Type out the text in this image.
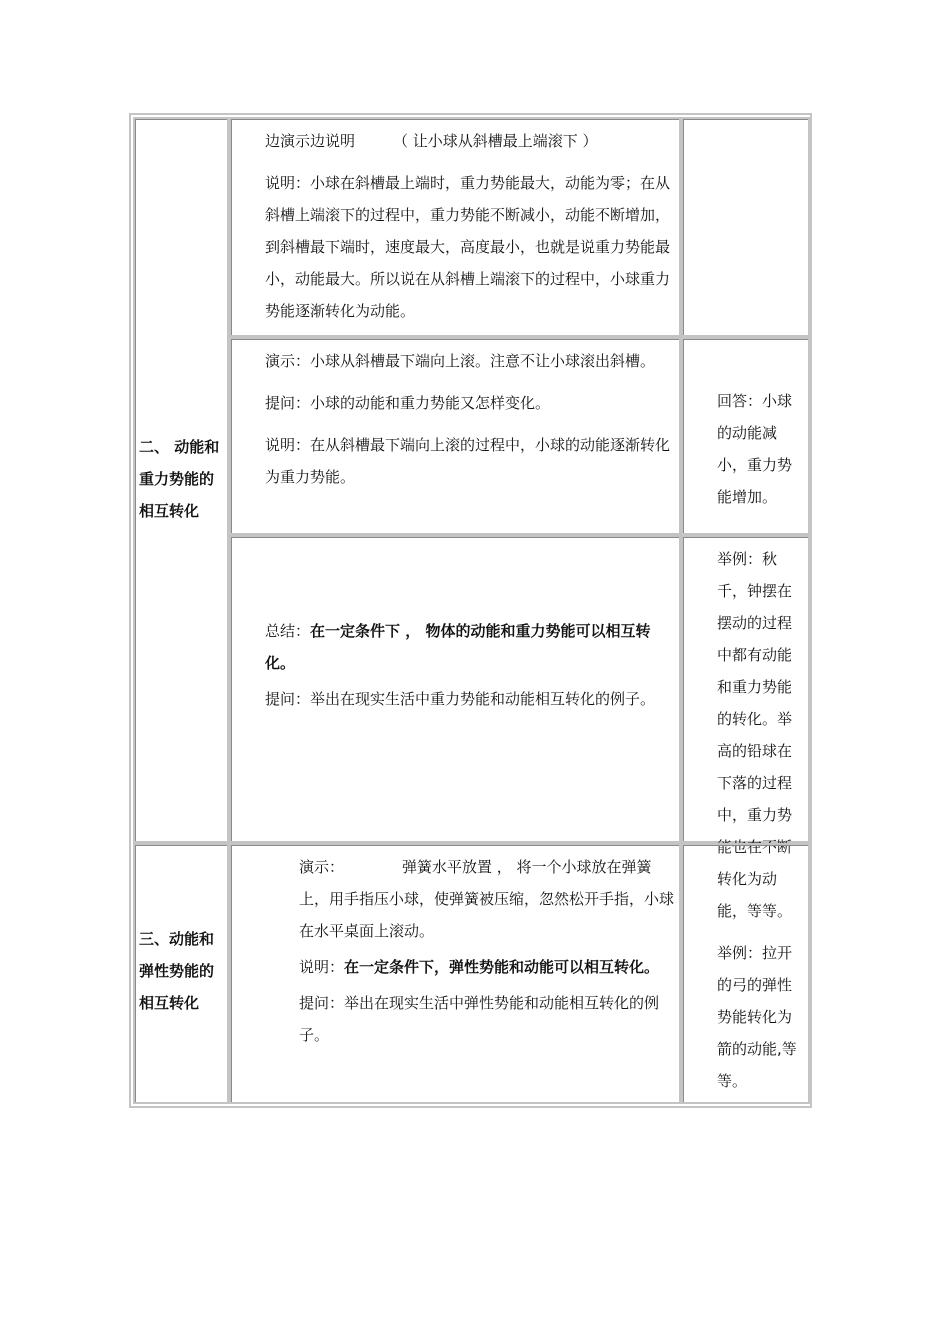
二、 动能和重力势能的相互转化

边演示边说明	（ 让小球从斜槽最上端滚下 ）

说明：小球在斜槽最上端时，重力势能最大，动能为零；在从斜槽上端滚下的过程中，重力势能不断减小，动能不断增加，到斜槽最下端时，速度最大，高度最小，也就是说重力势能最小，动能最大。所以说在从斜槽上端滚下的过程中，小球重力势能逐渐转化为动能。

演示：小球从斜槽最下端向上滚。注意不让小球滚出斜槽。

提问：小球的动能和重力势能又怎样变化。

说明：在从斜槽最下端向上滚的过程中，小球的动能逐渐转化为重力势能。

回答：小球的动能减小，重力势能增加。

总结：在一定条件下 ， 物体的动能和重力势能可以相互转化。

提问：举出在现实生活中重力势能和动能相互转化的例子。

举例：秋千，钟摆在摆动的过程中都有动能和重力势能的转化。举高的铅球在下落的过程中，重力势能也在不断转化为动能，等等。
三、动能和弹性势能的相互转化

演示：	弹簧水平放置 ， 将一个小球放在弹簧上，用手指压小球，使弹簧被压缩，忽然松开手指，小球在水平桌面上滚动。

说明：在一定条件下，弹性势能和动能可以相互转化。

提问：举出在现实生活中弹性势能和动能相互转化的例子。

举例：拉开的弓的弹性势能转化为箭的动能,等等。
